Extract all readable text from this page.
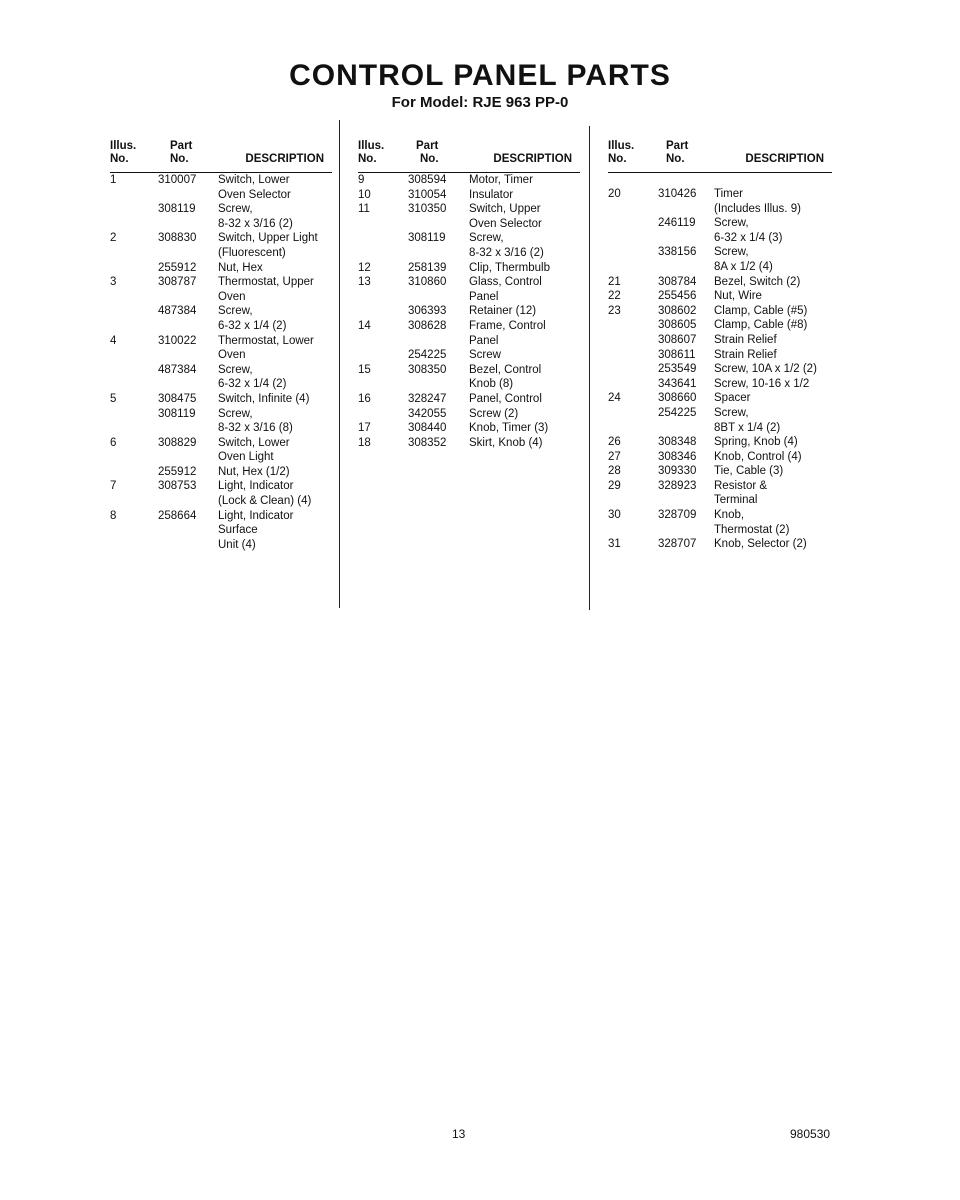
CONTROL PANEL PARTS
For Model: RJE 963 PP-0
Illus.
No.
Part
No.	DESCRIPTION
1	310007	Switch, Lower
Oven Selector
308119	Screw,
8-32 x 3/16 (2)
2	308830	Switch, Upper Light
(Fluorescent)
255912	Nut, Hex
3	308787	Thermostat, Upper
Oven
487384	Screw,
6-32 x 1/4 (2)
4	310022	Thermostat, Lower
Oven
487384	Screw,
6-32 x 1/4 (2)
5	308475	Switch, Infinite (4)
308119	Screw,
8-32 x 3/16 (8)
6	308829	Switch, Lower
Oven Light
255912	Nut, Hex (1/2)
7	308753	Light, Indicator
(Lock & Clean) (4)
8	258664	Light, Indicator
Surface
Unit (4)
Illus.
No.
Part
No.	DESCRIPTION
9	308594	Motor, Timer
10	310054	Insulator
11	310350	Switch, Upper
Oven Selector
308119	Screw,
8-32 x 3/16 (2)
12	258139	Clip, Thermbulb
13	310860	Glass, Control
Panel
306393	Retainer (12)
14	308628	Frame, Control
Panel
254225	Screw
15	308350	Bezel, Control
Knob (8)
16	328247	Panel, Control
342055	Screw (2)
17	308440	Knob, Timer (3)
18	308352	Skirt, Knob (4)
Illus.
No.
Part
No.	DESCRIPTION
20	310426	Timer
(Includes Illus. 9)
246119	Screw,
6-32 x 1/4 (3)
338156	Screw,
8A x 1/2 (4)
21	308784	Bezel, Switch (2)
22	255456	Nut, Wire
23	308602	Clamp, Cable (#5)
308605	Clamp, Cable (#8)
308607	Strain Relief
308611	Strain Relief
253549	Screw, 10A x 1/2 (2)
343641	Screw, 10-16 x 1/2
24	308660	Spacer
254225	Screw,
8BT x 1/4 (2)
26	308348	Spring, Knob (4)
27	308346	Knob, Control (4)
28	309330	Tie, Cable (3)
29	328923	Resistor &
Terminal
30	328709	Knob,
Thermostat (2)
31	328707	Knob, Selector (2)
13	980530
